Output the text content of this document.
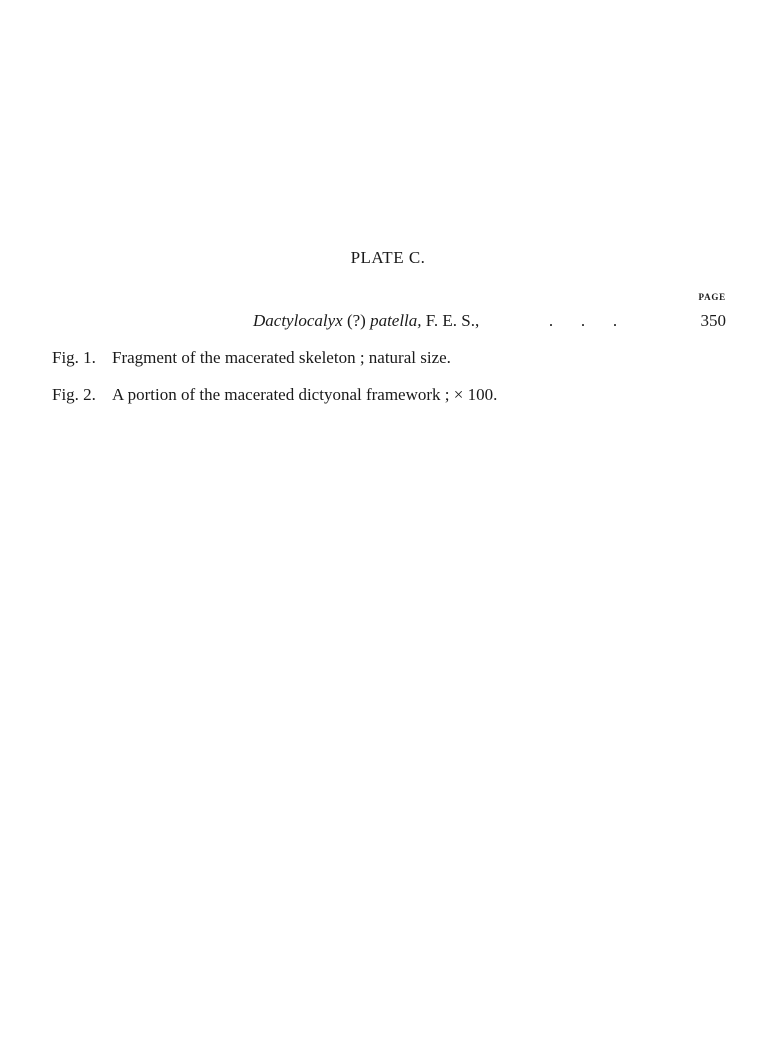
PLATE C.
PAGE
Dactylocalyx (?) patella, F. E. S.,	. . .	350
Fig. 1. Fragment of the macerated skeleton ; natural size.
Fig. 2. A portion of the macerated dictyonal framework ; × 100.
